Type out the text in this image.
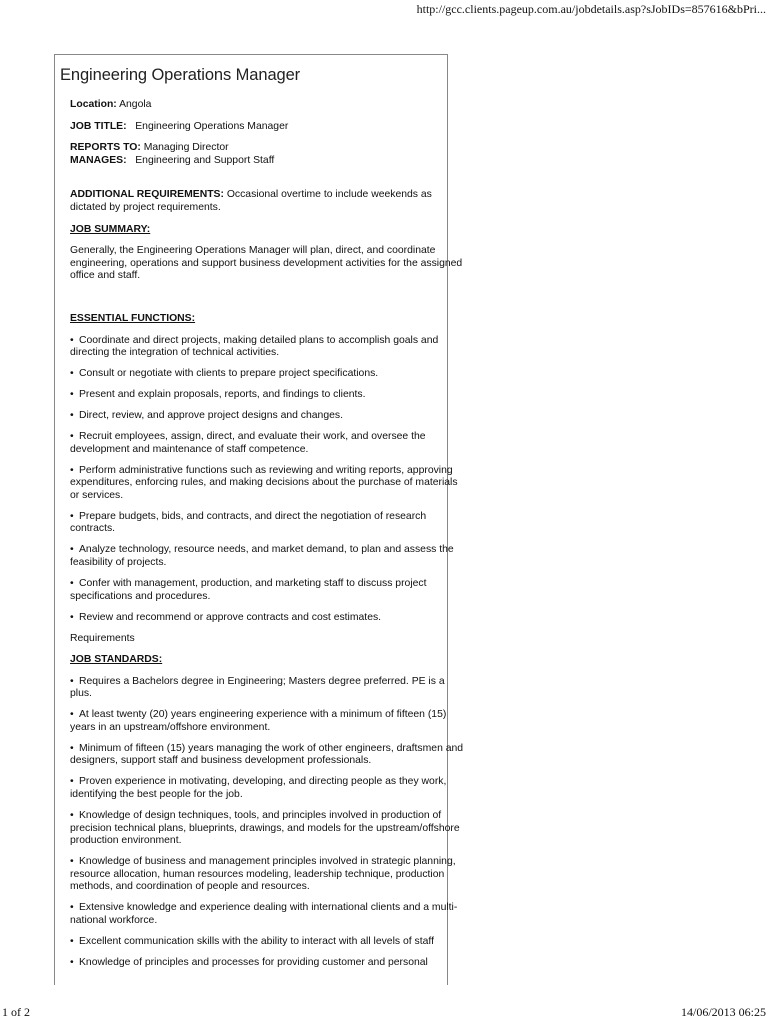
http://gcc.clients.pageup.com.au/jobdetails.asp?sJobIDs=857616&bPri...
Engineering Operations Manager

Location: Angola

JOB TITLE: Engineering Operations Manager

REPORTS TO: Managing Director

MANAGES: Engineering and Support Staff

ADDITIONAL REQUIREMENTS: Occasional overtime to include weekends as dictated by project requirements.

JOB SUMMARY:

Generally, the Engineering Operations Manager will plan, direct, and coordinate engineering, operations and support business development activities for the assigned office and staff.

ESSENTIAL FUNCTIONS:

• Coordinate and direct projects, making detailed plans to accomplish goals and directing the integration of technical activities.

• Consult or negotiate with clients to prepare project specifications.

• Present and explain proposals, reports, and findings to clients.

• Direct, review, and approve project designs and changes.

• Recruit employees, assign, direct, and evaluate their work, and oversee the development and maintenance of staff competence.

• Perform administrative functions such as reviewing and writing reports, approving expenditures, enforcing rules, and making decisions about the purchase of materials or services.

• Prepare budgets, bids, and contracts, and direct the negotiation of research contracts.

• Analyze technology, resource needs, and market demand, to plan and assess the feasibility of projects.

• Confer with management, production, and marketing staff to discuss project specifications and procedures.

• Review and recommend or approve contracts and cost estimates.

Requirements

JOB STANDARDS:

• Requires a Bachelors degree in Engineering; Masters degree preferred. PE is a plus.

• At least twenty (20) years engineering experience with a minimum of fifteen (15) years in an upstream/offshore environment.

• Minimum of fifteen (15) years managing the work of other engineers, draftsmen and designers, support staff and business development professionals.

• Proven experience in motivating, developing, and directing people as they work, identifying the best people for the job.

• Knowledge of design techniques, tools, and principles involved in production of precision technical plans, blueprints, drawings, and models for the upstream/offshore production environment.

• Knowledge of business and management principles involved in strategic planning, resource allocation, human resources modeling, leadership technique, production methods, and coordination of people and resources.

• Extensive knowledge and experience dealing with international clients and a multi-national workforce.

• Excellent communication skills with the ability to interact with all levels of staff

• Knowledge of principles and processes for providing customer and personal

1 of 2	14/06/2013 06:25
